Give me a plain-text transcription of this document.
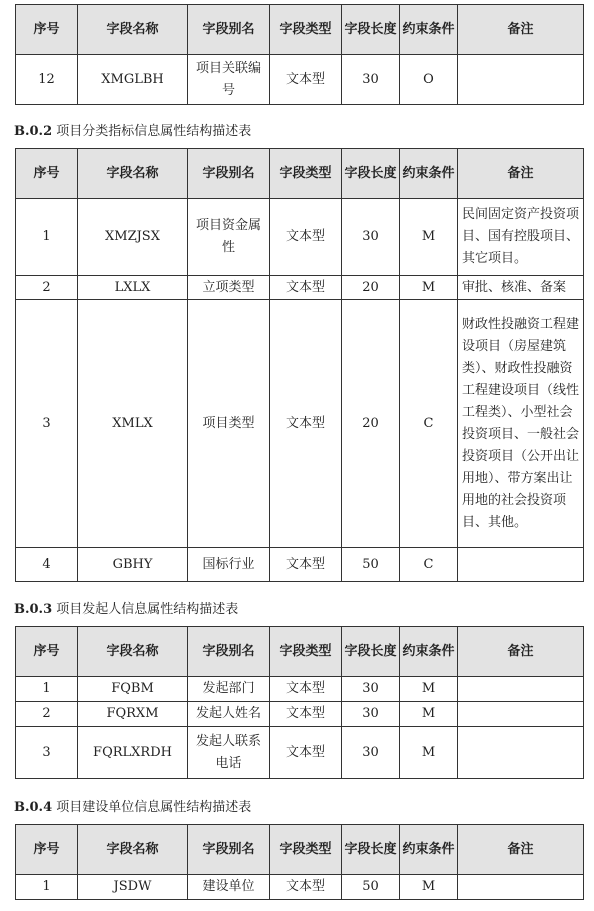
序号	字段名称	字段别名	字段类型	字段长度	约束条件	备注
12	XMGLBH	项目关联编号	文本型	30	O	
B.0.2 项目分类指标信息属性结构描述表
序号	字段名称	字段别名	字段类型	字段长度	约束条件	备注
1	XMZJSX	项目资金属性	文本型	30	M	民间固定资产投资项目、国有控股项目、其它项目。
2	LXLX	立项类型	文本型	20	M	审批、核准、备案
3	XMLX	项目类型	文本型	20	C	财政性投融资工程建设项目（房屋建筑类）、财政性投融资工程建设项目（线性工程类）、小型社会投资项目、一般社会投资项目（公开出让用地）、带方案出让用地的社会投资项目、其他。
4	GBHY	国标行业	文本型	50	C	
B.0.3 项目发起人信息属性结构描述表
序号	字段名称	字段别名	字段类型	字段长度	约束条件	备注
1	FQBM	发起部门	文本型	30	M	
2	FQRXM	发起人姓名	文本型	30	M	
3	FQRLXRDH	发起人联系电话	文本型	30	M	
B.0.4 项目建设单位信息属性结构描述表
序号	字段名称	字段别名	字段类型	字段长度	约束条件	备注
1	JSDW	建设单位	文本型	50	M	
